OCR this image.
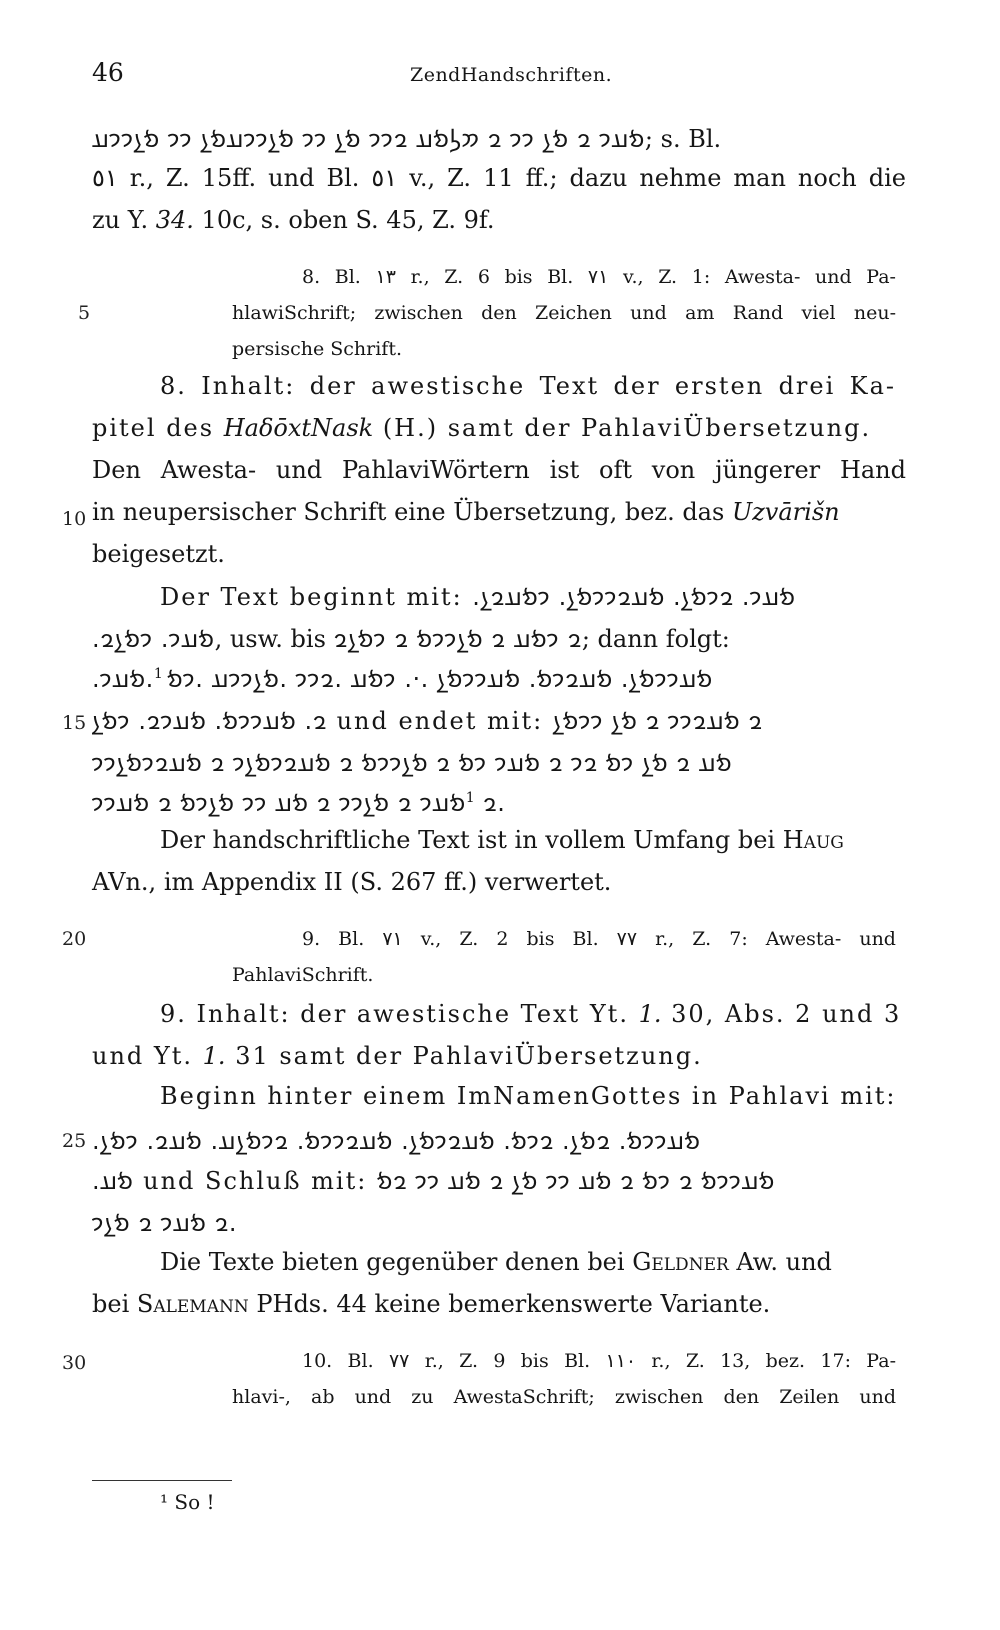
46	ZendHandschriften.
5
10
15
20
25
30
𐭬𐭠𐭩 𐭥 𐭬𐭭 𐭩𐭩 𐭥 𐭮𐭫𐭬𐭠 𐭥𐭩𐭩 𐭬𐭭 𐭩𐭩 𐭬𐭭𐭩𐭩𐭠𐭬𐭭 𐭩𐭩 𐭬𐭭𐭩𐭩𐭠; s. Bl.
٥١ r., Z. 15ff. und Bl. ٥١ v., Z. 11 ff.; dazu nehme man noch die
zu Y. 34. 10c, s. oben S. 45, Z. 9f.
8. Bl. ١٣ r., Z. 6 bis Bl. ٧١ v., Z. 1: Awesta- und Pa-
hlawiSchrift; zwischen den Zeichen und am Rand viel neu-
persische Schrift.
8. Inhalt: der awestische Text der ersten drei Ka-
pitel des HaδōxtNask (H.) samt der PahlaviÜbersetzung.
Den Awesta- und PahlaviWörtern ist oft von jüngerer Hand
in neupersischer Schrift eine Übersetzung, bez. das Uzvārišn
beigesetzt.
Der Text beginnt mit: .𐭬𐭠𐭩. 𐭥𐭩𐭬𐭭. 𐭬𐭠𐭥𐭩𐭩𐭬𐭭. 𐭩𐭬𐭠𐭥𐭭
.𐭬𐭠𐭩. 𐭩𐭬𐭭𐭥, usw. bis 𐭥 𐭩𐭬𐭠 𐭥 𐭬𐭭𐭩𐭩𐭬 𐭥 𐭩𐭬𐭭𐭥; dann folgt:
.𐭬𐭠𐭩𐭩𐭬𐭭. 𐭬𐭠𐭥𐭩𐭬. 𐭬𐭠𐭩𐭩𐭬𐭭 .·. 𐭩𐭬𐭠 .𐭥𐭩𐭩 .𐭬𐭭𐭩𐭩𐭠 .𐭩𐭬 $^1$.𐭬𐭠𐭩
𐭥. 𐭬𐭠𐭩𐭩𐭬. 𐭬𐭠𐭩𐭥. 𐭩𐭬𐭭 und endet mit: 𐭥 𐭬𐭠𐭥𐭩𐭩 𐭥 𐭬𐭭 𐭩𐭩𐭬𐭭
𐭬𐭠 𐭥 𐭬𐭭 𐭩𐭬 𐭥𐭩 𐭥 𐭬𐭠𐭩 𐭩𐭬 𐭥 𐭬𐭭𐭩𐭩𐭬 𐭥 𐭬𐭠𐭥𐭩𐭬𐭭𐭩 𐭥 𐭬𐭠𐭥𐭩𐭬𐭭𐭩𐭩
𐭥 $^1$𐭬𐭠𐭩 𐭥 𐭬𐭭𐭩𐭩 𐭥 𐭬𐭠 𐭩𐭩 𐭬𐭭𐭩𐭬 𐭥 𐭬𐭠𐭩𐭩.
Der handschriftliche Text ist in vollem Umfang bei Haug
AVn., im Appendix II (S. 267 ff.) verwertet.
9. Bl. ٧١ v., Z. 2 bis Bl. ٧٧ r., Z. 7: Awesta- und
PahlaviSchrift.
9. Inhalt: der awestische Text Yt. 1. 30, Abs. 2 und 3
und Yt. 1. 31 samt der PahlaviÜbersetzung.
Beginn hinter einem ImNamenGottes in Pahlavi mit:
.𐭬𐭠𐭩𐭩𐭬. 𐭥𐭬𐭭. 𐭥𐭩𐭬. 𐭬𐭠𐭥𐭩𐭬𐭭. 𐭬𐭠𐭥𐭩𐭩𐭬. 𐭥𐭩𐭬𐭭𐭠. 𐭬𐭠𐭥. 𐭩𐭬𐭭
.𐭬𐭠 und Schluß mit: 𐭬𐭠𐭩𐭩𐭬 𐭥 𐭩𐭬 𐭥 𐭬𐭠 𐭩𐭩 𐭬𐭭 𐭥 𐭬𐭠 𐭩𐭩 𐭥𐭬
𐭥 𐭬𐭠𐭩 𐭥 𐭬𐭭𐭩.
Die Texte bieten gegenüber denen bei Geldner Aw. und
bei Salemann PHds. 44 keine bemerkenswerte Variante.
10. Bl. ٧٧ r., Z. 9 bis Bl. ١١٠ r., Z. 13, bez. 17: Pa-
hlavi-, ab und zu AwestaSchrift; zwischen den Zeilen und
¹ So !
